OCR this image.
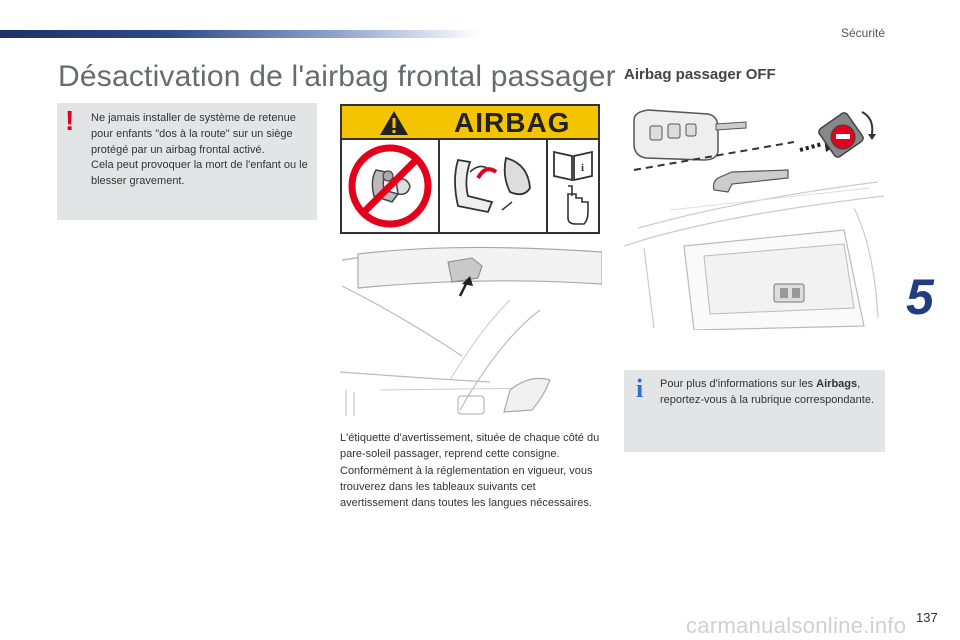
Sécurité
Désactivation de l'airbag frontal passager
! Ne jamais installer de système de retenue pour enfants "dos à la route" sur un siège protégé par un airbag frontal activé.

Cela peut provoquer la mort de l'enfant ou le blesser gravement.

AIRBAG
i

L'étiquette d'avertissement, située de chaque côté du pare-soleil passager, reprend cette consigne.

Conformément à la réglementation en vigueur, vous trouverez dans les tableaux suivants cet avertissement dans toutes les langues nécessaires.

Airbag passager OFF
i Pour plus d'informations sur les Airbags, reportez-vous à la rubrique correspondante.
5
137
carmanualsonline.info
